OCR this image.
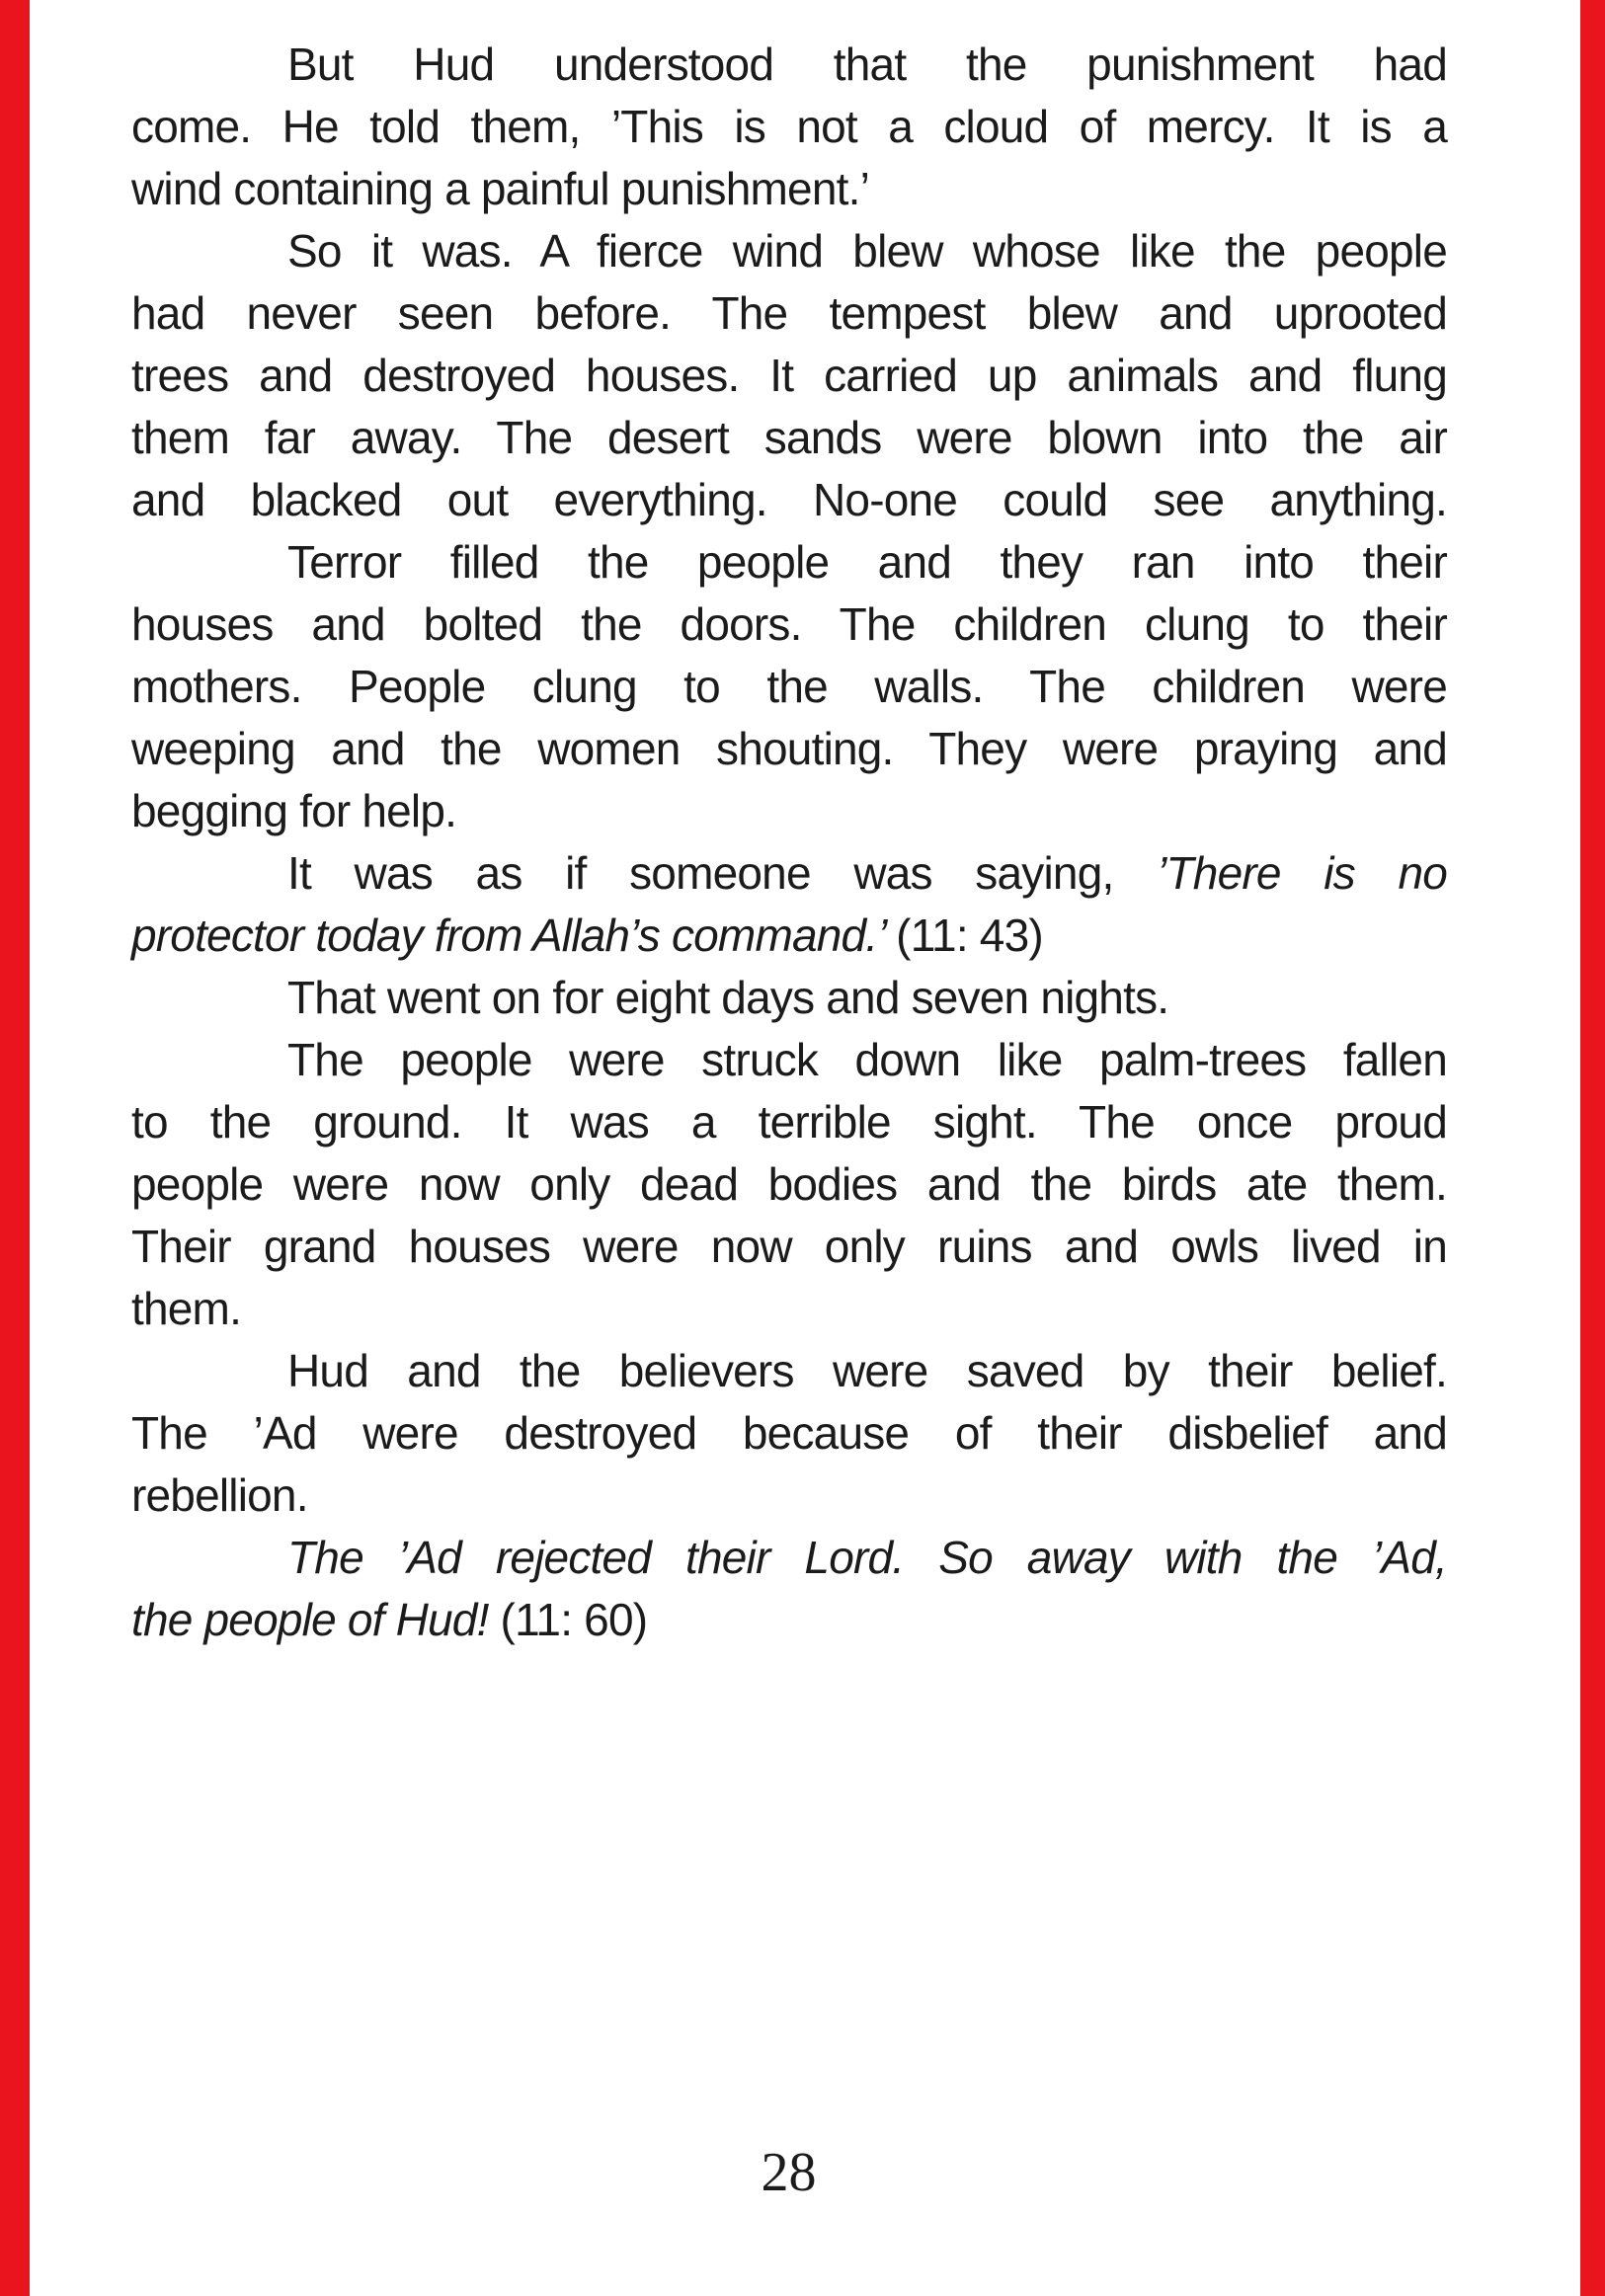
But Hud understood that the punishment had
come. He told them, ’This is not a cloud of mercy. It is a
wind containing a painful punishment.’
So it was. A fierce wind blew whose like the people
had never seen before. The tempest blew and uprooted
trees and destroyed houses. It carried up animals and flung
them far away. The desert sands were blown into the air
and blacked out everything. No-one could see anything.
Terror filled the people and they ran into their
houses and bolted the doors. The children clung to their
mothers. People clung to the walls. The children were
weeping and the women shouting. They were praying and
begging for help.
It was as if someone was saying, ’There is no
protector today from Allah’s command.’ (11: 43)
That went on for eight days and seven nights.
The people were struck down like palm-trees fallen
to the ground. It was a terrible sight. The once proud
people were now only dead bodies and the birds ate them.
Their grand houses were now only ruins and owls lived in
them.
Hud and the believers were saved by their belief.
The ’Ad were destroyed because of their disbelief and
rebellion.
The ’Ad rejected their Lord. So away with the ’Ad,
the people of Hud! (11: 60)
28
